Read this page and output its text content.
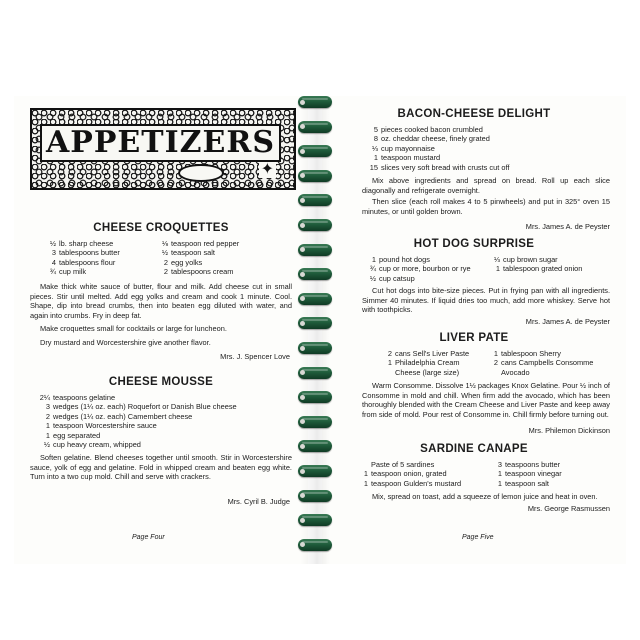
APPETIZERS
✦
CHEESE CROQUETTES
½ lb. sharp cheese
3 tablespoons butter
4 tablespoons flour
¾ cup milk
⅛ teaspoon red pepper
½ teaspoon salt
2 egg yolks
2 tablespoons cream

Make thick white sauce of butter, flour and milk. Add cheese cut in small pieces. Stir until melted. Add egg yolks and cream and cook 1 minute. Cool. Shape, dip into bread crumbs, then into beaten egg diluted with water, and again into crumbs. Fry in deep fat.

Make croquettes small for cocktails or large for luncheon.

Dry mustard and Worcestershire give another flavor.

Mrs. J. Spencer Love

CHEESE MOUSSE
2¼ teaspoons gelatine
3 wedges (1¼ oz. each) Roquefort or Danish Blue cheese
2 wedges (1¼ oz. each) Camembert cheese
1 teaspoon Worcestershire sauce
1 egg separated
½ cup heavy cream, whipped

Soften gelatine. Blend cheeses together until smooth. Stir in Worcestershire sauce, yolk of egg and gelatine. Fold in whipped cream and beaten egg white. Turn into a two cup mold. Chill and serve with crackers.

Mrs. Cyril B. Judge

Page Four

BACON-CHEESE DELIGHT
5 pieces cooked bacon crumbled
8 oz. cheddar cheese, finely grated
⅓ cup mayonnaise
1 teaspoon mustard
15 slices very soft bread with crusts cut off

Mix above ingredients and spread on bread. Roll up each slice diagonally and refrigerate overnight.

Then slice (each roll makes 4 to 5 pinwheels) and put in 325° oven 15 minutes, or until golden brown.

Mrs. James A. de Peyster

HOT DOG SURPRISE
1 pound hot dogs
¾ cup or more, bourbon or rye
½ cup catsup
⅓ cup brown sugar
1 tablespoon grated onion

Cut hot dogs into bite-size pieces. Put in frying pan with all ingredients. Simmer 40 minutes. If liquid dries too much, add more whiskey. Serve hot with toothpicks.

Mrs. James A. de Peyster

LIVER PATE
2 cans Sell's Liver Paste
1 Philadelphia Cream
Cheese (large size)
1 tablespoon Sherry
2 cans Campbells Consomme
Avocado

Warm Consomme. Dissolve 1½ packages Knox Gelatine. Pour ½ inch of Consomme in mold and chill. When firm add the avocado, which has been thoroughly blended with the Cream Cheese and Liver Paste and keep away from side of mold. Pour rest of Consomme in. Chill firmly before turning out.

Mrs. Philemon Dickinson

SARDINE CANAPE
Paste of 5 sardines
1 teaspoon onion, grated
1 teaspoon Gulden's mustard
3 teaspoons butter
1 teaspoon vinegar
1 teaspoon salt

Mix, spread on toast, add a squeeze of lemon juice and heat in oven.

Mrs. George Rasmussen

Page Five
